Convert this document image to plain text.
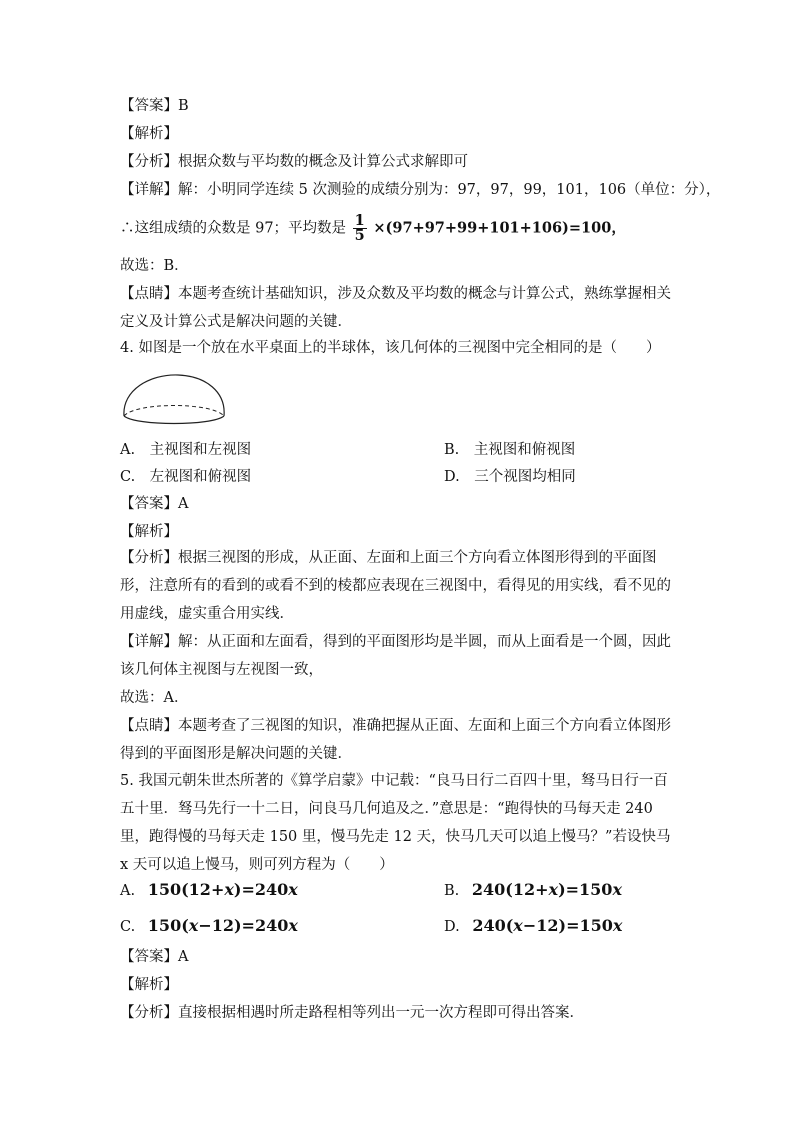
【答案】B
【解析】
【分析】根据众数与平均数的概念及计算公式求解即可
【详解】解：小明同学连续 5 次测验的成绩分别为：97，97，99，101，106（单位：分），
∴这组成绩的众数是 97；平均数是 $\frac{1}{5} \times(97+97+99+101+106)=100$，
故选：B．
【点睛】本题考查统计基础知识，涉及众数及平均数的概念与计算公式，熟练掌握相关定义及计算公式是解决问题的关键．
4. 如图是一个放在水平桌面上的半球体，该几何体的三视图中完全相同的是（　　）
A.　主视图和左视图	B.　主视图和俯视图
C.　左视图和俯视图	D.　三个视图均相同
【答案】A
【解析】
【分析】根据三视图的形成，从正面、左面和上面三个方向看立体图形得到的平面图形，注意所有的看到的或看不到的棱都应表现在三视图中，看得见的用实线，看不见的用虚线，虚实重合用实线．
【详解】解：从正面和左面看，得到的平面图形均是半圆，而从上面看是一个圆，因此该几何体主视图与左视图一致，
故选：A．
【点睛】本题考查了三视图的知识，准确把握从正面、左面和上面三个方向看立体图形得到的平面图形是解决问题的关键．
5. 我国元朝朱世杰所著的《算学启蒙》中记载：“良马日行二百四十里，驽马日行一百五十里．驽马先行一十二日，问良马几何追及之．”意思是：“跑得快的马每天走 240 里，跑得慢的马每天走 150 里，慢马先走 12 天，快马几天可以追上慢马？”若设快马 x 天可以追上慢马，则可列方程为（　　）
A. 150(12+x)=240x	B. 240(12+x)=150x
C. 150(x−12)=240x	D. 240(x−12)=150x
【答案】A
【解析】
【分析】直接根据相遇时所走路程相等列出一元一次方程即可得出答案．
